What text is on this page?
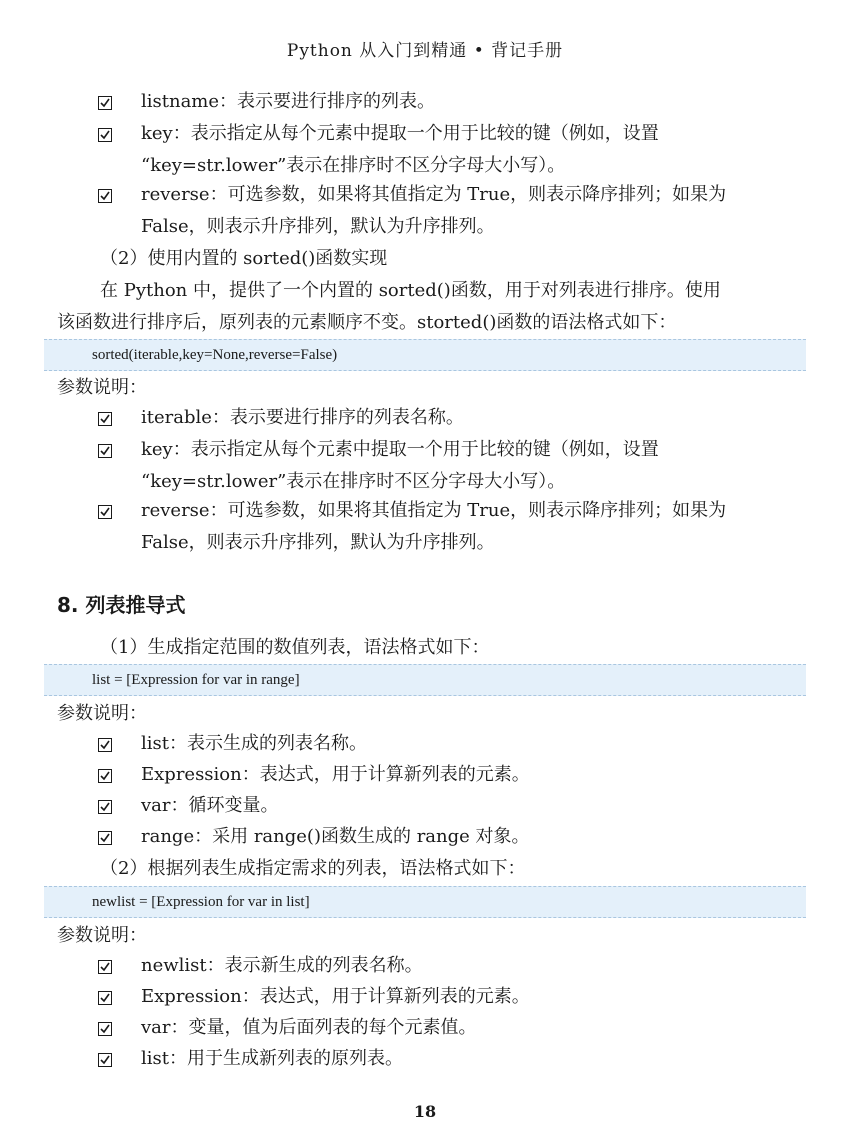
Python 从入门到精通 • 背记手册
listname：表示要进行排序的列表。
key：表示指定从每个元素中提取一个用于比较的键（例如，设置
“key=str.lower”表示在排序时不区分字母大小写）。
reverse：可选参数，如果将其值指定为 True，则表示降序排列；如果为
False，则表示升序排列，默认为升序排列。
（2）使用内置的 sorted()函数实现
在 Python 中，提供了一个内置的 sorted()函数，用于对列表进行排序。使用
该函数进行排序后，原列表的元素顺序不变。storted()函数的语法格式如下：
sorted(iterable,key=None,reverse=False)
参数说明：
iterable：表示要进行排序的列表名称。
key：表示指定从每个元素中提取一个用于比较的键（例如，设置
“key=str.lower”表示在排序时不区分字母大小写）。
reverse：可选参数，如果将其值指定为 True，则表示降序排列；如果为
False，则表示升序排列，默认为升序排列。
8. 列表推导式
（1）生成指定范围的数值列表，语法格式如下：
list = [Expression for var in range]
参数说明：
list：表示生成的列表名称。
Expression：表达式，用于计算新列表的元素。
var：循环变量。
range：采用 range()函数生成的 range 对象。
（2）根据列表生成指定需求的列表，语法格式如下：
newlist = [Expression for var in list]
参数说明：
newlist：表示新生成的列表名称。
Expression：表达式，用于计算新列表的元素。
var：变量，值为后面列表的每个元素值。
list：用于生成新列表的原列表。
18
